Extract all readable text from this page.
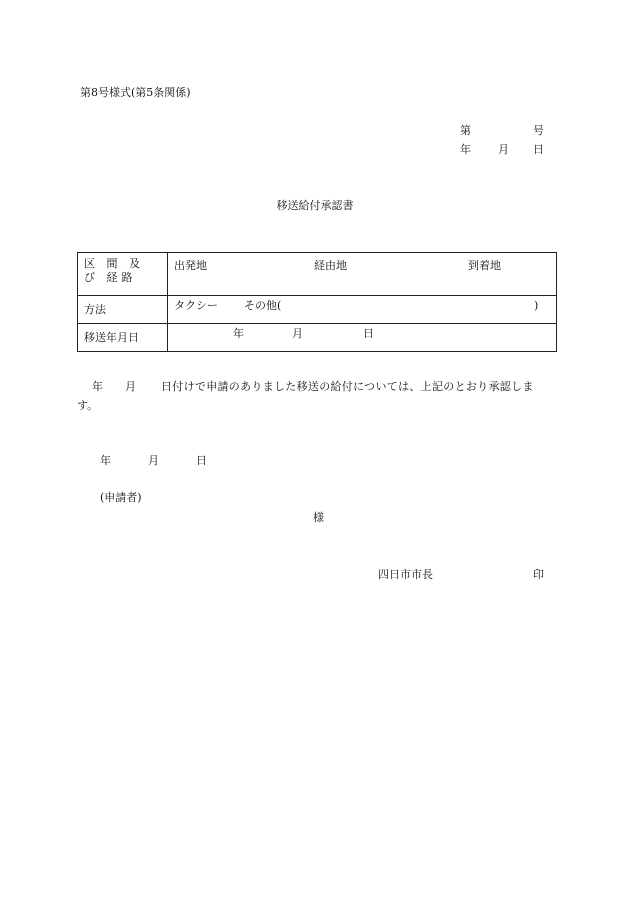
第8号様式(第5条関係)
第	号
年 月 日
移送給付承認書
区 間 及 び 経路	出発地 経由地 到着地

方法	タクシー その他( )

移送年月日	年 月 日
年 月 日付けで申請のありました移送の給付については、上記のとおり承認しま
す。
年	月	日
(申請者)
様
四日市市長	印
